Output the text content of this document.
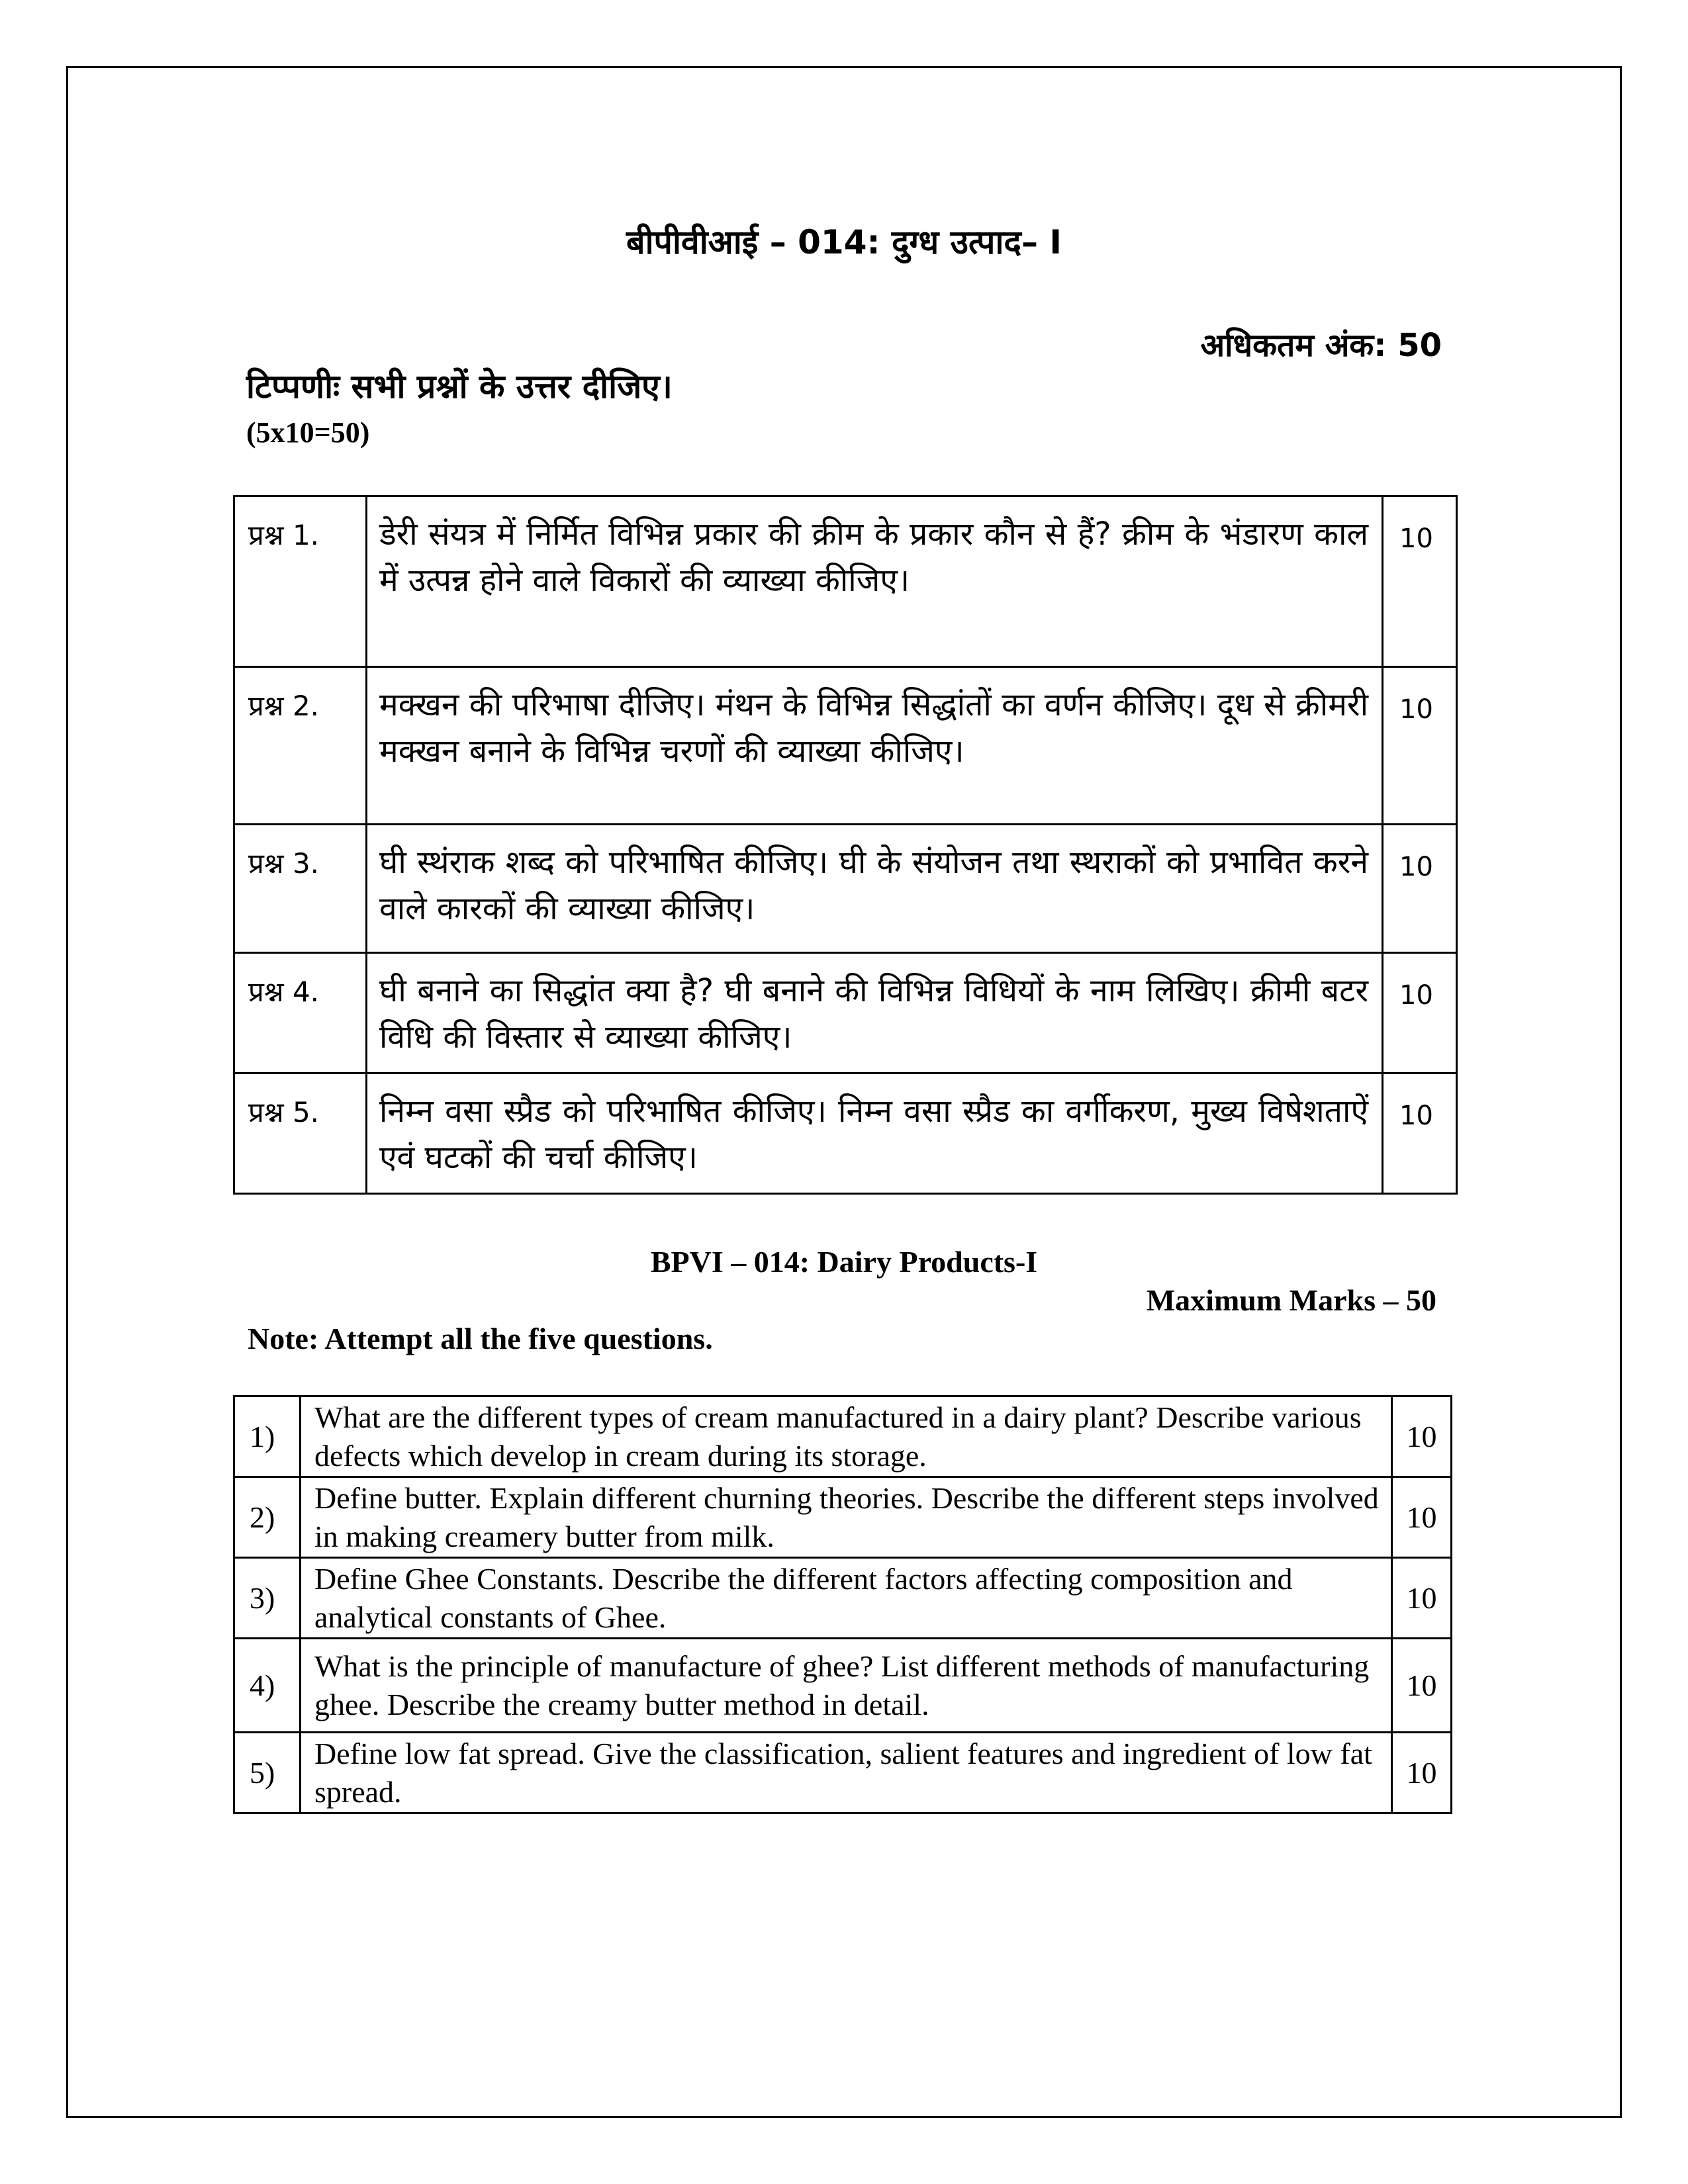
बीपीवीआई – 014: दुग्ध उत्पाद– I
अधिकतम अंक: 50
टिप्पणीः सभी प्रश्नों के उत्तर दीजिए।
(5x10=50)
प्रश्न 1.	डेरी संयत्र में निर्मित विभिन्न प्रकार की क्रीम के प्रकार कौन से हैं? क्रीम के भंडारण काल में उत्पन्न होने वाले विकारों की व्याख्या कीजिए।	10
प्रश्न 2.	मक्खन की परिभाषा दीजिए। मंथन के विभिन्न सिद्धांतों का वर्णन कीजिए। दूध से क्रीमरी मक्खन बनाने के विभिन्न चरणों की व्याख्या कीजिए।	10
प्रश्न 3.	घी स्थंराक शब्द को परिभाषित कीजिए। घी के संयोजन तथा स्थराकों को प्रभावित करने वाले कारकों की व्याख्या कीजिए।	10
प्रश्न 4.	घी बनाने का सिद्धांत क्या है? घी बनाने की विभिन्न विधियों के नाम लिखिए। क्रीमी बटर विधि की विस्तार से व्याख्या कीजिए।	10
प्रश्न 5.	निम्न वसा स्प्रैड को परिभाषित कीजिए। निम्न वसा स्प्रैड का वर्गीकरण, मुख्य विषेशताऐं एवं घटकों की चर्चा कीजिए।	10
BPVI – 014: Dairy Products-I
Maximum Marks – 50
Note: Attempt all the five questions.
1)	What are the different types of cream manufactured in a dairy plant? Describe various defects which develop in cream during its storage.	10
2)	Define butter. Explain different churning theories. Describe the different steps involved in making creamery butter from milk.	10
3)	Define Ghee Constants. Describe the different factors affecting composition and analytical constants of Ghee.	10
4)	What is the principle of manufacture of ghee? List different methods of manufacturing ghee. Describe the creamy butter method in detail.	10
5)	Define low fat spread. Give the classification, salient features and ingredient of low fat spread.	10
